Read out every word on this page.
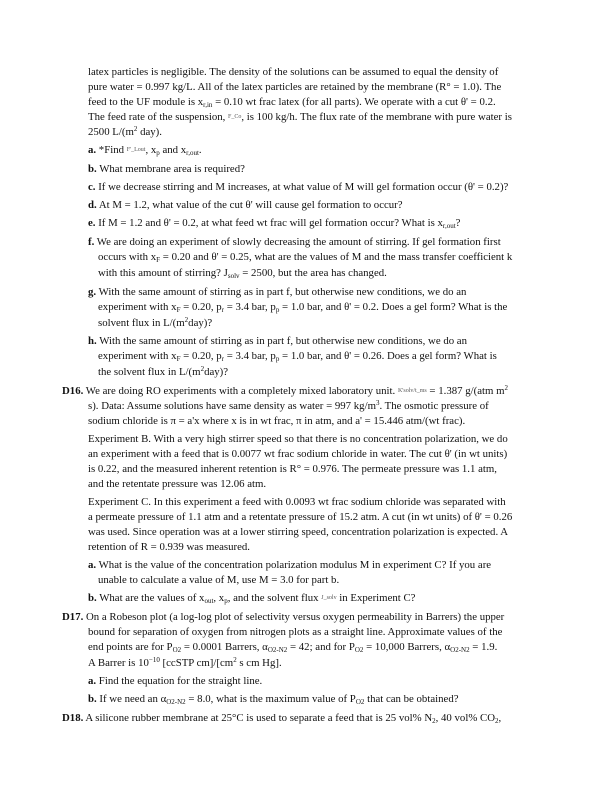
latex particles is negligible. The density of the solutions can be assumed to equal the density of
pure water = 0.997 kg/L. All of the latex particles are retained by the membrane (R° = 1.0). The
feed to the UF module is $x_{r,in} = 0.10$ wt frac latex (for all parts). We operate with a cut θ' = 0.2.
The feed rate of the suspension, F_Co, is 100 kg/h. The flux rate of the membrane with pure water is
2500 $L/(m^2$ day).
a. *Find F'_Lout, $x_p$ and $x_{r,out}$.
b. What membrane area is required?
c. If we decrease stirring and M increases, at what value of M will gel formation occur (θ' = 0.2)?
d. At M = 1.2, what value of the cut θ' will cause gel formation to occur?
e. If M = 1.2 and θ' = 0.2, at what feed wt frac will gel formation occur? What is $x_{r,out}$?
f. We are doing an experiment of slowly decreasing the amount of stirring. If gel formation first
occurs with $x_F = 0.20$ and θ' = 0.25, what are the values of M and the mass transfer coefficient k
with this amount of stirring? $J_{solv} = 2500$, but the area has changed.
g. With the same amount of stirring as in part f, but otherwise new conditions, we do an
experiment with $x_F = 0.20$, $p_r = 3.4$ bar, $p_p = 1.0$ bar, and θ' = 0.2. Does a gel form? What is the
solvent flux in $L/(m^2day)$?
h. With the same amount of stirring as in part f, but otherwise new conditions, we do an
experiment with $x_F = 0.20$, $p_r = 3.4$ bar, $p_p = 1.0$ bar, and θ' = 0.26. Does a gel form? What is
the solvent flux in $L/(m^2day)$?
D16. We are doing RO experiments with a completely mixed laboratory unit. K'solv/t_ms = 1.387 g/(atm $m^2$
s). Data: Assume solutions have same density as water = 997 $kg/m^3$. The osmotic pressure of
sodium chloride is π = a'x where x is in wt frac, π in atm, and a' = 15.446 atm/(wt frac).
Experiment B. With a very high stirrer speed so that there is no concentration polarization, we do
an experiment with a feed that is 0.0077 wt frac sodium chloride in water. The cut θ' (in wt units)
is 0.22, and the measured inherent retention is R° = 0.976. The permeate pressure was 1.1 atm,
and the retentate pressure was 12.06 atm.
Experiment C. In this experiment a feed with 0.0093 wt frac sodium chloride was separated with
a permeate pressure of 1.1 atm and a retentate pressure of 15.2 atm. A cut (in wt units) of θ' = 0.26
was used. Since operation was at a lower stirring speed, concentration polarization is expected. A
retention of R = 0.939 was measured.
a. What is the value of the concentration polarization modulus M in experiment C? If you are
unable to calculate a value of M, use M = 3.0 for part b.
b. What are the values of $x_{out}$, $x_p$, and the solvent flux J_solv in Experiment C?
D17. On a Robeson plot (a log-log plot of selectivity versus oxygen permeability in Barrers) the upper
bound for separation of oxygen from nitrogen plots as a straight line. Approximate values of the
end points are for $P_{O2} = 0.0001$ Barrers, $\alpha_{O2-N2} = 42$; and for $P_{O2} = 10,000$ Barrers, $\alpha_{O2-N2} = 1.9$.
A Barrer is $10^{-10}$ [ccSTP $cm]/[cm^2$ s cm Hg].
a. Find the equation for the straight line.
b. If we need an $\alpha_{O2-N2} = 8.0$, what is the maximum value of $P_{O2}$ that can be obtained?
D18. A silicone rubber membrane at 25°C is used to separate a feed that is 25 vol% $N_2$, 40 vol% $CO_2$,
